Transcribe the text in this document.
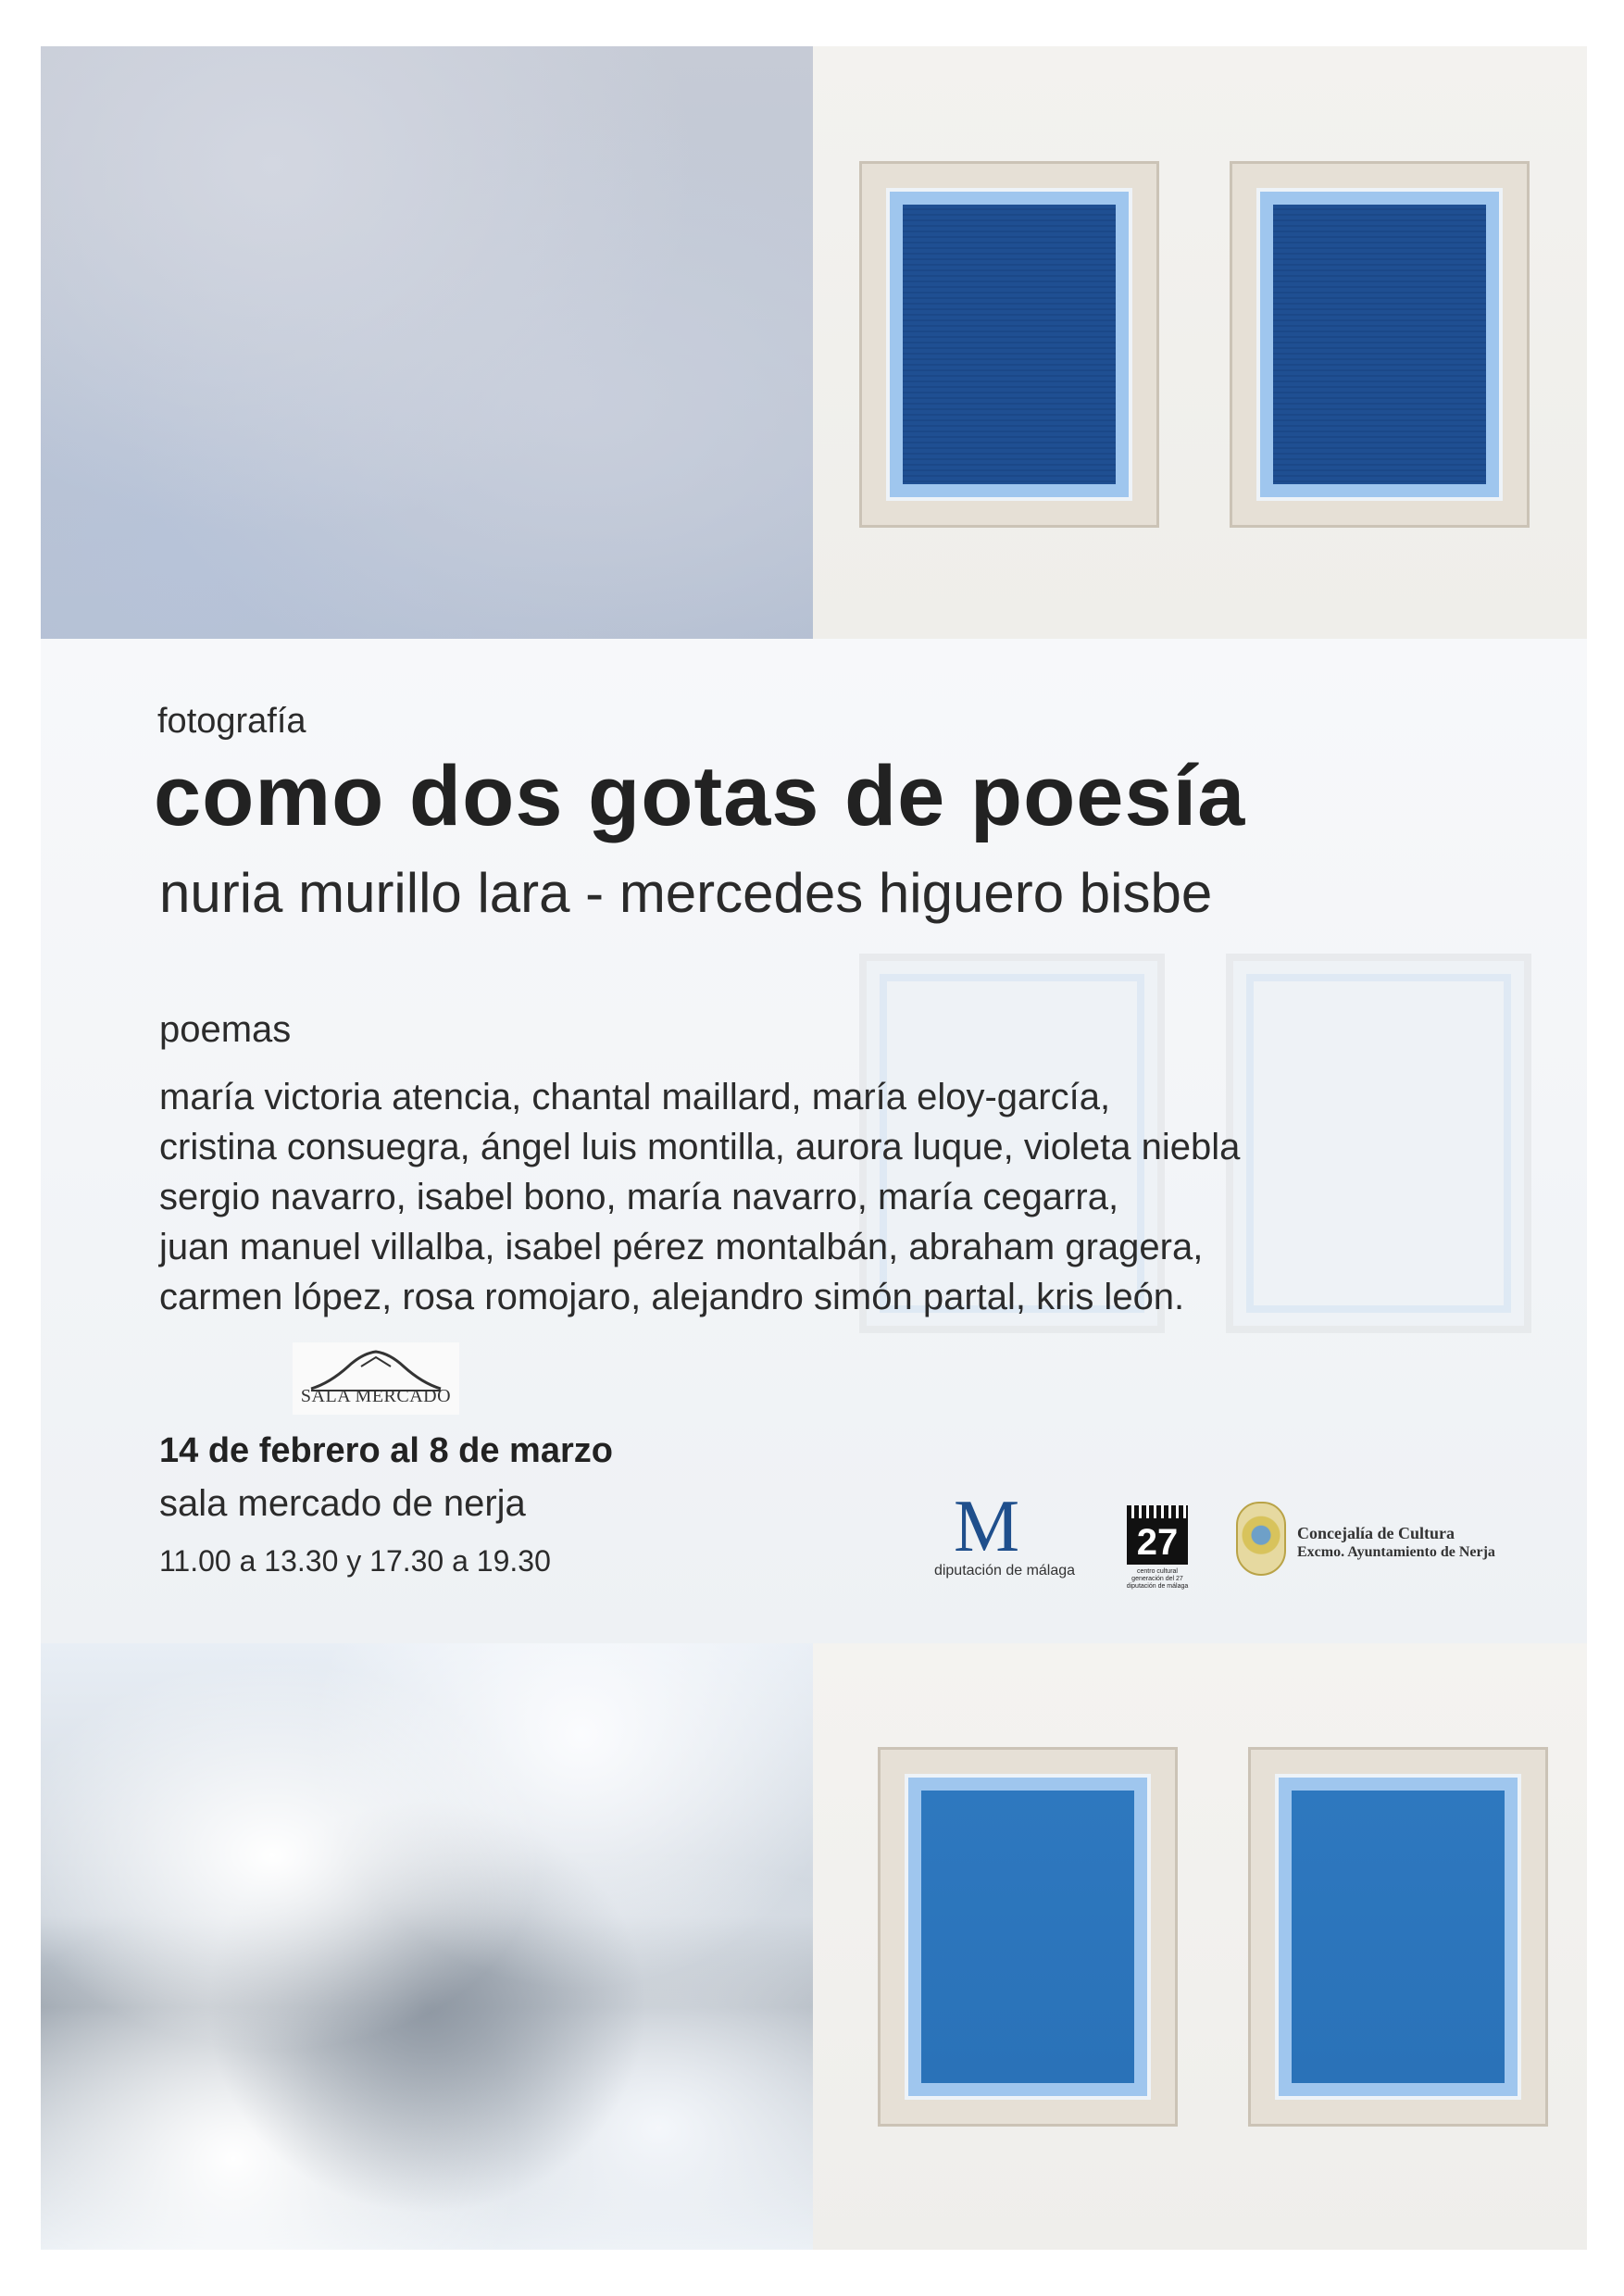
fotografía
como dos gotas de poesía
nuria murillo lara - mercedes higuero bisbe
poemas
maría victoria atencia, chantal maillard, maría eloy-garcía,
cristina consuegra, ángel luis montilla, aurora luque, violeta niebla
sergio navarro, isabel bono, maría navarro, maría cegarra,
juan manuel villalba, isabel pérez montalbán, abraham gragera,
carmen lópez, rosa romojaro, alejandro simón partal, kris león.
SALA MERCADO
14 de febrero al 8 de marzo
sala mercado de nerja
11.00 a 13.30 y 17.30 a 19.30	M
diputación de málaga
27
centro cultural
generación del 27
diputación de málaga
Concejalía de Cultura
Excmo. Ayuntamiento de Nerja
